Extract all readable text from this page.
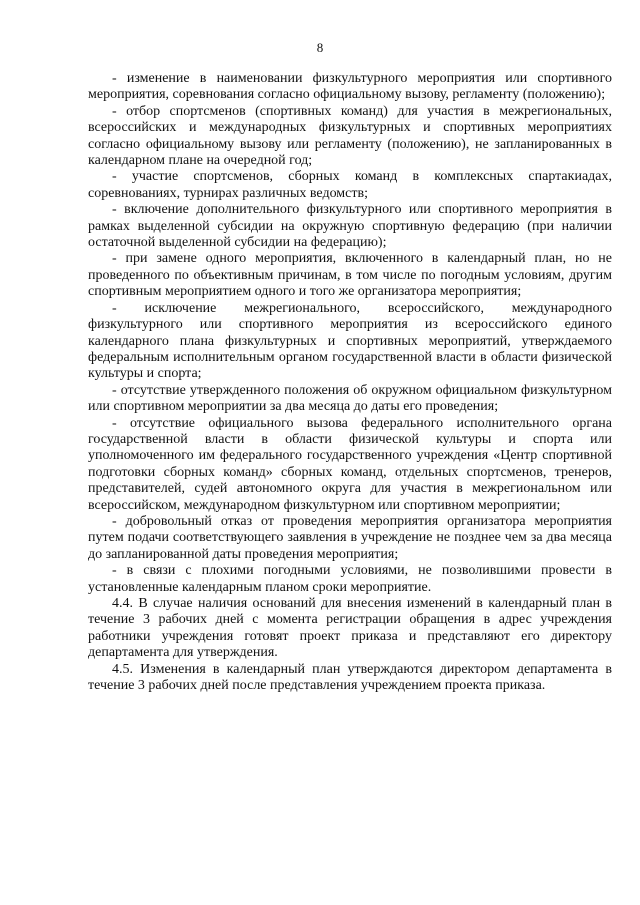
8

- изменение в наименовании физкультурного мероприятия или спортивного мероприятия, соревнования согласно официальному вызову, регламенту (положению);

- отбор спортсменов (спортивных команд) для участия в межрегиональных, всероссийских и международных физкультурных и спортивных мероприятиях согласно официальному вызову или регламенту (положению), не запланированных в календарном плане на очередной год;

- участие спортсменов, сборных команд в комплексных спартакиадах, соревнованиях, турнирах различных ведомств;

- включение дополнительного физкультурного или спортивного мероприятия в рамках выделенной субсидии на окружную спортивную федерацию (при наличии остаточной выделенной субсидии на федерацию);

- при замене одного мероприятия, включенного в календарный план, но не проведенного по объективным причинам, в том числе по погодным условиям, другим спортивным мероприятием одного и того же организатора мероприятия;

- исключение межрегионального, всероссийского, международного физкультурного или спортивного мероприятия из всероссийского единого календарного плана физкультурных и спортивных мероприятий, утверждаемого федеральным исполнительным органом государственной власти в области физической культуры и спорта;

- отсутствие утвержденного положения об окружном официальном физкультурном или спортивном мероприятии за два месяца до даты его проведения;

- отсутствие официального вызова федерального исполнительного органа государственной власти в области физической культуры и спорта или уполномоченного им федерального государственного учреждения «Центр спортивной подготовки сборных команд» сборных команд, отдельных спортсменов, тренеров, представителей, судей автономного округа для участия в межрегиональном или всероссийском, международном физкультурном или спортивном мероприятии;

- добровольный отказ от проведения мероприятия организатора мероприятия путем подачи соответствующего заявления в учреждение не позднее чем за два месяца до запланированной даты проведения мероприятия;

- в связи с плохими погодными условиями, не позволившими провести в установленные календарным планом сроки мероприятие.

4.4. В случае наличия оснований для внесения изменений в календарный план в течение 3 рабочих дней с момента регистрации обращения в адрес учреждения работники учреждения готовят проект приказа и представляют его директору департамента для утверждения.

4.5. Изменения в календарный план утверждаются директором департамента в течение 3 рабочих дней после представления учреждением проекта приказа.
